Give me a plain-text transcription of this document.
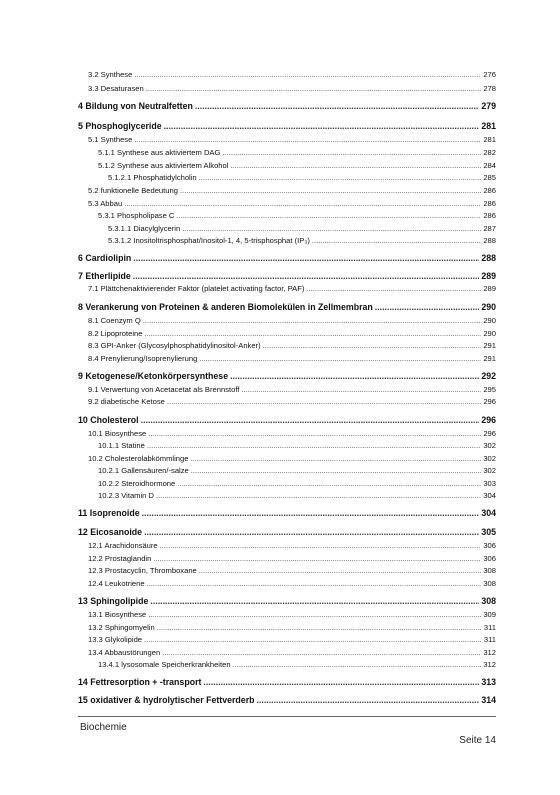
3.2 Synthese .....	276
3.3 Desaturasen .....	278
4 Bildung von Neutralfetten .....	279
5 Phosphoglyceride .....	281
5.1 Synthese .....	281
5.1.1 Synthese aus aktiviertem DAG .....	282
5.1.2 Synthese aus aktiviertem Alkohol .....	284
5.1.2.1 Phosphatidylcholin .....	285
5.2 funktionelle Bedeutung .....	286
5.3 Abbau .....	286
5.3.1 Phospholipase C .....	286
5.3.1.1 Diacylglycerin .....	287
5.3.1.2 Inositoltrisphosphat/Inositol-1, 4, 5-trisphosphat (IP₃) .....	288
6 Cardiolipin .....	288
7 Etherlipide .....	289
7.1 Plättchenaktivierender Faktor (platelet activating factor, PAF) .....	289
8 Verankerung von Proteinen & anderen Biomolekülen in Zellmembran .....	290
8.1 Coenzym Q .....	290
8.2 Lipoproteine .....	290
8.3 GPI-Anker (Glycosylphosphatidylinositol-Anker) .....	291
8.4 Prenylierung/Isoprenylierung .....	291
9 Ketogenese/Ketonkörpersynthese .....	292
9.1 Verwertung von Acetacetat als Brennstoff .....	295
9.2 diabetische Ketose .....	296
10 Cholesterol .....	296
10.1 Biosynthese .....	296
10.1.1 Statine .....	302
10.2 Cholesterolabkömmlinge .....	302
10.2.1 Gallensäuren/-salze .....	302
10.2.2 Steroidhormone .....	303
10.2.3 Vitamin D .....	304
11 Isoprenoide .....	304
12 Eicosanoide .....	305
12.1 Arachidonsäure .....	306
12.2 Prostaglandin .....	306
12.3 Prostacyclin, Thromboxane .....	308
12.4 Leukotriene .....	308
13 Sphingolipide .....	308
13.1 Biosynthese .....	309
13.2 Sphingomyelin .....	311
13.3 Glykolipide .....	311
13.4 Abbaustörungen .....	312
13.4.1 lysosomale Speicherkrankheiten .....	312
14 Fettresorption + -transport .....	313
15 oxidativer & hydrolytischer Fettverderb .....	314
Biochemie
Seite 14
